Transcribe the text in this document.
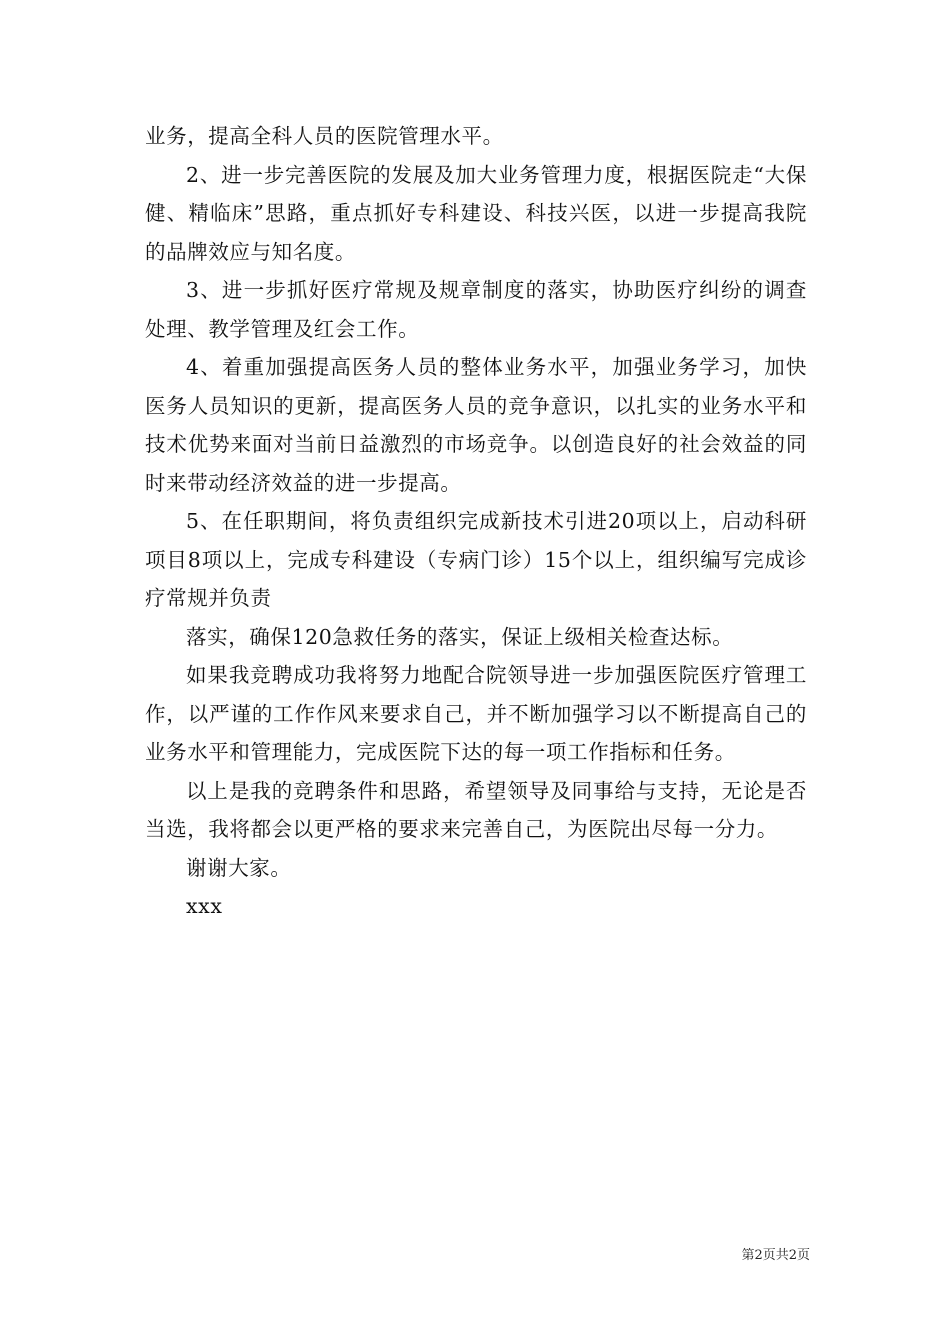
业务，提高全科人员的医院管理水平。

2、进一步完善医院的发展及加大业务管理力度，根据医院走“大保健、精临床”思路，重点抓好专科建设、科技兴医，以进一步提高我院的品牌效应与知名度。

3、进一步抓好医疗常规及规章制度的落实，协助医疗纠纷的调查处理、教学管理及红会工作。

4、着重加强提高医务人员的整体业务水平，加强业务学习，加快医务人员知识的更新，提高医务人员的竞争意识，以扎实的业务水平和技术优势来面对当前日益激烈的市场竞争。以创造良好的社会效益的同时来带动经济效益的进一步提高。

5、在任职期间，将负责组织完成新技术引进20项以上，启动科研项目8项以上，完成专科建设（专病门诊）15个以上，组织编写完成诊疗常规并负责

落实，确保120急救任务的落实，保证上级相关检查达标。

如果我竞聘成功我将努力地配合院领导进一步加强医院医疗管理工作，以严谨的工作作风来要求自己，并不断加强学习以不断提高自己的业务水平和管理能力，完成医院下达的每一项工作指标和任务。

以上是我的竞聘条件和思路，希望领导及同事给与支持，无论是否当选，我将都会以更严格的要求来完善自己，为医院出尽每一分力。

谢谢大家。

xxx

第2页共2页
